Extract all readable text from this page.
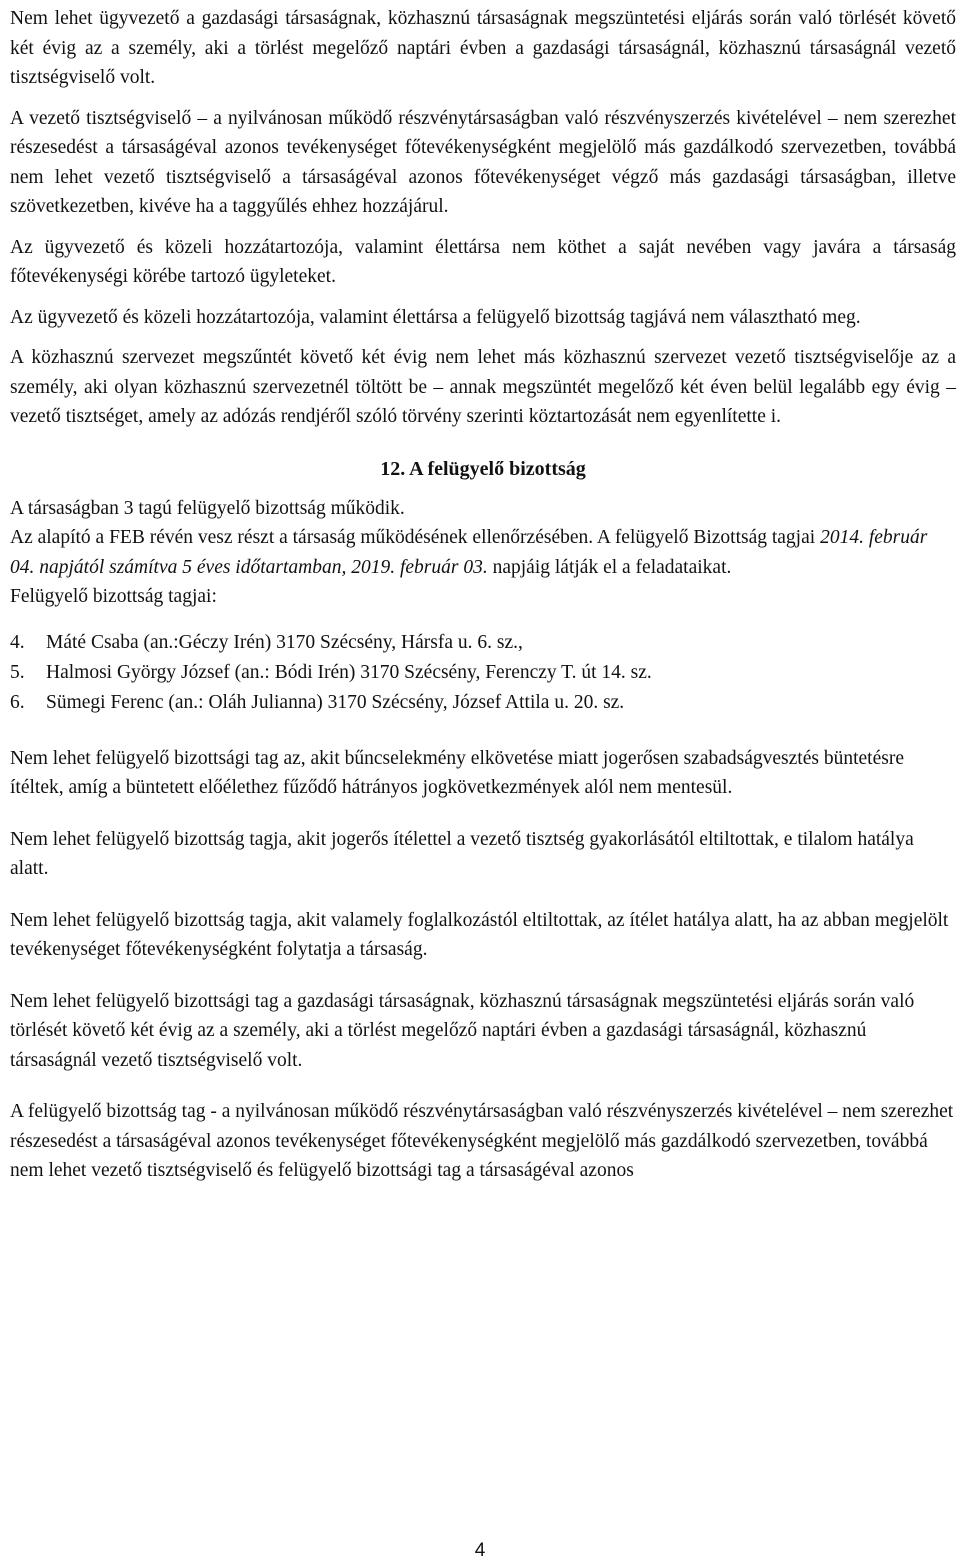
Nem lehet ügyvezető a gazdasági társaságnak, közhasznú társaságnak megszüntetési eljárás során való törlését követő két évig az a személy, aki a törlést megelőző naptári évben a gazdasági társaságnál, közhasznú társaságnál vezető tisztségviselő volt.

A vezető tisztségviselő – a nyilvánosan működő részvénytársaságban való részvényszerzés kivételével – nem szerezhet részesedést a társaságéval azonos tevékenységet főtevékenységként megjelölő más gazdálkodó szervezetben, továbbá nem lehet vezető tisztségviselő a társaságéval azonos főtevékenységet végző más gazdasági társaságban, illetve szövetkezetben, kivéve ha a taggyűlés ehhez hozzájárul.

Az ügyvezető és közeli hozzátartozója, valamint élettársa nem köthet a saját nevében vagy javára a társaság főtevékenységi körébe tartozó ügyleteket.

Az ügyvezető és közeli hozzátartozója, valamint élettársa a felügyelő bizottság tagjává nem választható meg.

A közhasznú szervezet megszűntét követő két évig nem lehet más közhasznú szervezet vezető tisztségviselője az a személy, aki olyan közhasznú szervezetnél töltött be – annak megszüntét megelőző két éven belül legalább egy évig – vezető tisztséget, amely az adózás rendjéről szóló törvény szerinti köztartozását nem egyenlítette i.

12. A felügyelő bizottság

A társaságban 3 tagú felügyelő bizottság működik.

Az alapító a FEB révén vesz részt a társaság működésének ellenőrzésében. A felügyelő Bizottság tagjai 2014. február 04. napjától számítva 5 éves időtartamban, 2019. február 03. napjáig látják el a feladataikat.

Felügyelő bizottság tagjai:

4.	Máté Csaba (an.:Géczy Irén) 3170 Szécsény, Hársfa u. 6. sz.,
5.	Halmosi György József (an.: Bódi Irén) 3170 Szécsény, Ferenczy T. út 14. sz.
6.	Sümegi Ferenc (an.: Oláh Julianna) 3170 Szécsény, József Attila u. 20. sz.

Nem lehet felügyelő bizottsági tag az, akit bűncselekmény elkövetése miatt jogerősen szabadságvesztés büntetésre ítéltek, amíg a büntetett előélethez fűződő hátrányos jogkövetkezmények alól nem mentesül.

Nem lehet felügyelő bizottság tagja, akit jogerős ítélettel a vezető tisztség gyakorlásától eltiltottak, e tilalom hatálya alatt.

Nem lehet felügyelő bizottság tagja, akit valamely foglalkozástól eltiltottak, az ítélet hatálya alatt, ha az abban megjelölt tevékenységet főtevékenységként folytatja a társaság.

Nem lehet felügyelő bizottsági tag a gazdasági társaságnak, közhasznú társaságnak megszüntetési eljárás során való törlését követő két évig az a személy, aki a törlést megelőző naptári évben a gazdasági társaságnál, közhasznú társaságnál vezető tisztségviselő volt.

A felügyelő bizottság tag - a nyilvánosan működő részvénytársaságban való részvényszerzés kivételével – nem szerezhet részesedést a társaságéval azonos tevékenységet főtevékenységként megjelölő más gazdálkodó szervezetben, továbbá nem lehet vezető tisztségviselő és felügyelő bizottsági tag a társaságéval azonos

4
